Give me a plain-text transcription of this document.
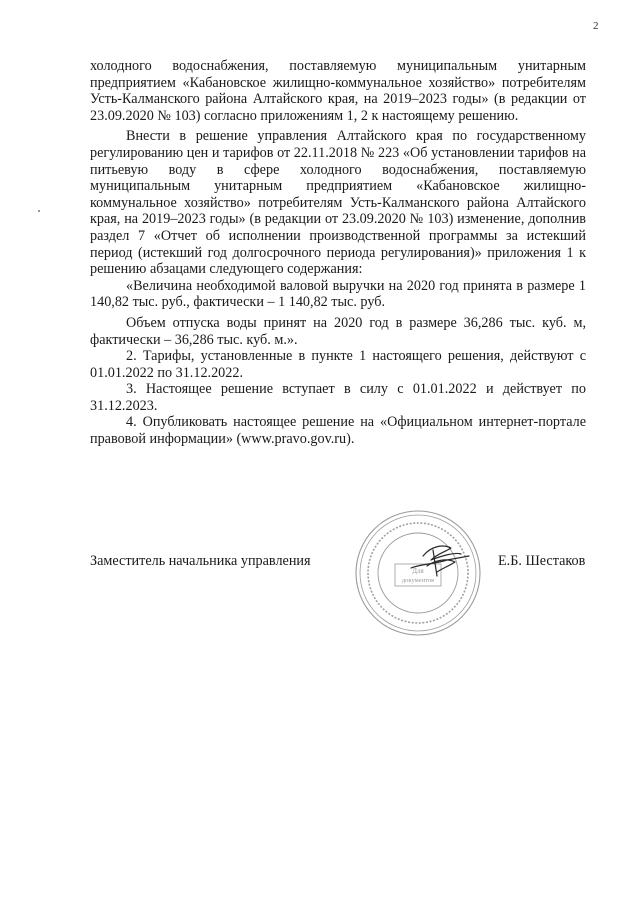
2

холодного водоснабжения, поставляемую муниципальным унитарным предприятием «Кабановское жилищно-коммунальное хозяйство» потребителям Усть-Калманского района Алтайского края, на 2019–2023 годы» (в редакции от 23.09.2020 № 103) согласно приложениям 1, 2 к настоящему решению.

Внести в решение управления Алтайского края по государственному регулированию цен и тарифов от 22.11.2018 № 223 «Об установлении тарифов на питьевую воду в сфере холодного водоснабжения, поставляемую муниципальным унитарным предприятием «Кабановское жилищно-коммунальное хозяйство» потребителям Усть-Калманского района Алтайского края, на 2019–2023 годы» (в редакции от 23.09.2020 № 103) изменение, дополнив раздел 7 «Отчет об исполнении производственной программы за истекший период (истекший год долгосрочного периода регулирования)» приложения 1 к решению абзацами следующего содержания:

«Величина необходимой валовой выручки на 2020 год принята в размере 1 140,82 тыс. руб., фактически – 1 140,82 тыс. руб.

Объем отпуска воды принят на 2020 год в размере 36,286 тыс. куб. м, фактически – 36,286 тыс. куб. м.».

2. Тарифы, установленные в пункте 1 настоящего решения, действуют с 01.01.2022 по 31.12.2022.

3. Настоящее решение вступает в силу с 01.01.2022 и действует по 31.12.2023.

4. Опубликовать настоящее решение на «Официальном интернет-портале правовой информации» (www.pravo.gov.ru).

Для
документов
Заместитель начальника управления	Е.Б. Шестаков
